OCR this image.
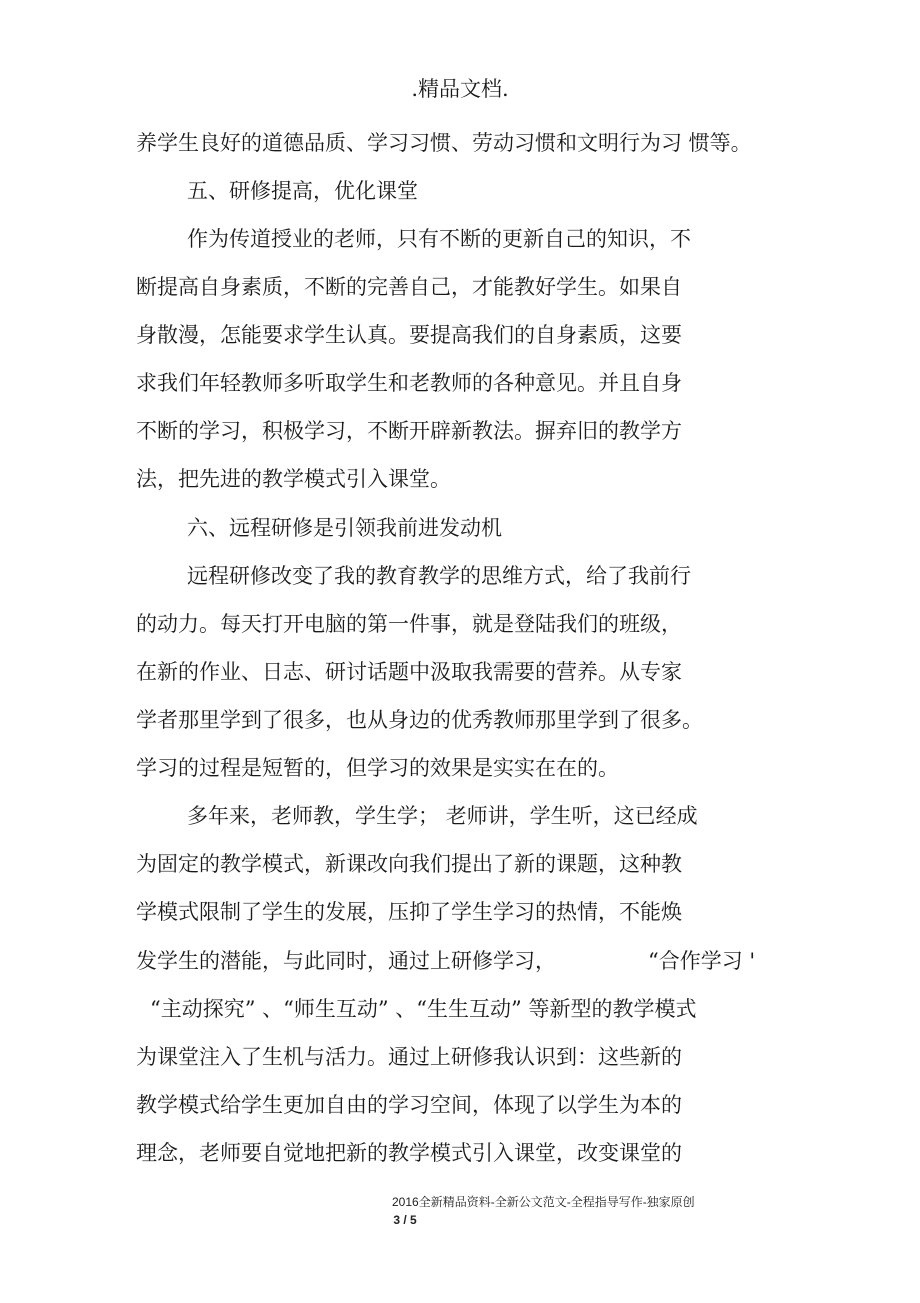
.精品文档.
养学生良好的道德品质、学习习惯、劳动习惯和文明行为习 惯等。
五、研修提高，优化课堂
作为传道授业的老师，只有不断的更新自己的知识，不
断提高自身素质，不断的完善自己，才能教好学生。如果自
身散漫，怎能要求学生认真。要提高我们的自身素质，这要
求我们年轻教师多听取学生和老教师的各种意见。并且自身
不断的学习，积极学习，不断开辟新教法。摒弃旧的教学方
法，把先进的教学模式引入课堂。
六、远程研修是引领我前进发动机
远程研修改变了我的教育教学的思维方式，给了我前行
的动力。每天打开电脑的第一件事，就是登陆我们的班级，
在新的作业、日志、研讨话题中汲取我需要的营养。从专家
学者那里学到了很多，也从身边的优秀教师那里学到了很多。
学习的过程是短暂的，但学习的效果是实实在在的。
多年来，老师教，学生学； 老师讲，学生听，这已经成
为固定的教学模式，新课改向我们提出了新的课题，这种教
学模式限制了学生的发展，压抑了学生学习的热情，不能焕
发学生的潜能，与此同时，通过上研修学习，	“合作学习 '
“主动探究” 、“师生互动” 、“生生互动” 等新型的教学模式
为课堂注入了生机与活力。通过上研修我认识到：这些新的
教学模式给学生更加自由的学习空间，体现了以学生为本的
理念，老师要自觉地把新的教学模式引入课堂，改变课堂的
2016全新精品资料-全新公文范文-全程指导写作-独家原创
3 / 5
